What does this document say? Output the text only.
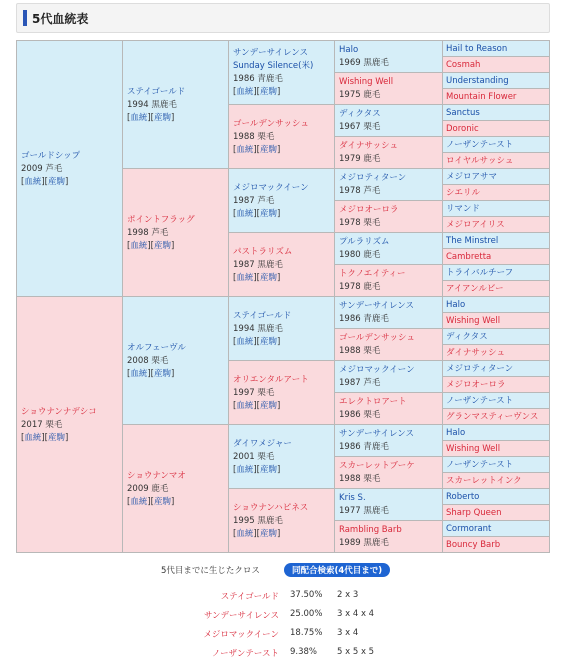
5代血統表
ゴールドシップ
2009 芦毛
[血統][産駒]
ショウナンナデシコ
2017 栗毛
[血統][産駒]
ステイゴールド
1994 黒鹿毛
[血統][産駒]
ポイントフラッグ
1998 芦毛
[血統][産駒]
オルフェーヴル
2008 栗毛
[血統][産駒]
ショウナンマオ
2009 鹿毛
[血統][産駒]
サンデーサイレンス
Sunday Silence(米)
1986 青鹿毛
[血統][産駒]
ゴールデンサッシュ
1988 栗毛
[血統][産駒]
メジロマックイーン
1987 芦毛
[血統][産駒]
パストラリズム
1987 黒鹿毛
[血統][産駒]
ステイゴールド
1994 黒鹿毛
[血統][産駒]
オリエンタルアート
1997 栗毛
[血統][産駒]
ダイワメジャー
2001 栗毛
[血統][産駒]
ショウナンハピネス
1995 黒鹿毛
[血統][産駒]
Halo
1969 黒鹿毛
Wishing Well
1975 鹿毛
ディクタス
1967 栗毛
ダイナサッシュ
1979 鹿毛
メジロティターン
1978 芦毛
メジロオーロラ
1978 栗毛
プルラリズム
1980 鹿毛
トクノエイティー
1978 鹿毛
サンデーサイレンス
1986 青鹿毛
ゴールデンサッシュ
1988 栗毛
メジロマックイーン
1987 芦毛
エレクトロアート
1986 栗毛
サンデーサイレンス
1986 青鹿毛
スカーレットブーケ
1988 栗毛
Kris S.
1977 黒鹿毛
Rambling Barb
1989 黒鹿毛
Hail to Reason
Cosmah
Understanding
Mountain Flower
Sanctus
Doronic
ノーザンテースト
ロイヤルサッシュ
メジロアサマ
シエリル
リマンド
メジロアイリス
The Minstrel
Cambretta
トライバルチーフ
アイアンルビー
Halo
Wishing Well
ディクタス
ダイナサッシュ
メジロティターン
メジロオーロラ
ノーザンテースト
グランマスティーヴンス
Halo
Wishing Well
ノーザンテースト
スカーレットインク
Roberto
Sharp Queen
Cormorant
Bouncy Barb
5代目までに生じたクロス	同配合検索(4代目まで)
ステイゴールド 37.50% 2 x 3
サンデーサイレンス 25.00% 3 x 4 x 4
メジロマックイーン 18.75% 3 x 4
ノーザンテースト 9.38% 5 x 5 x 5
